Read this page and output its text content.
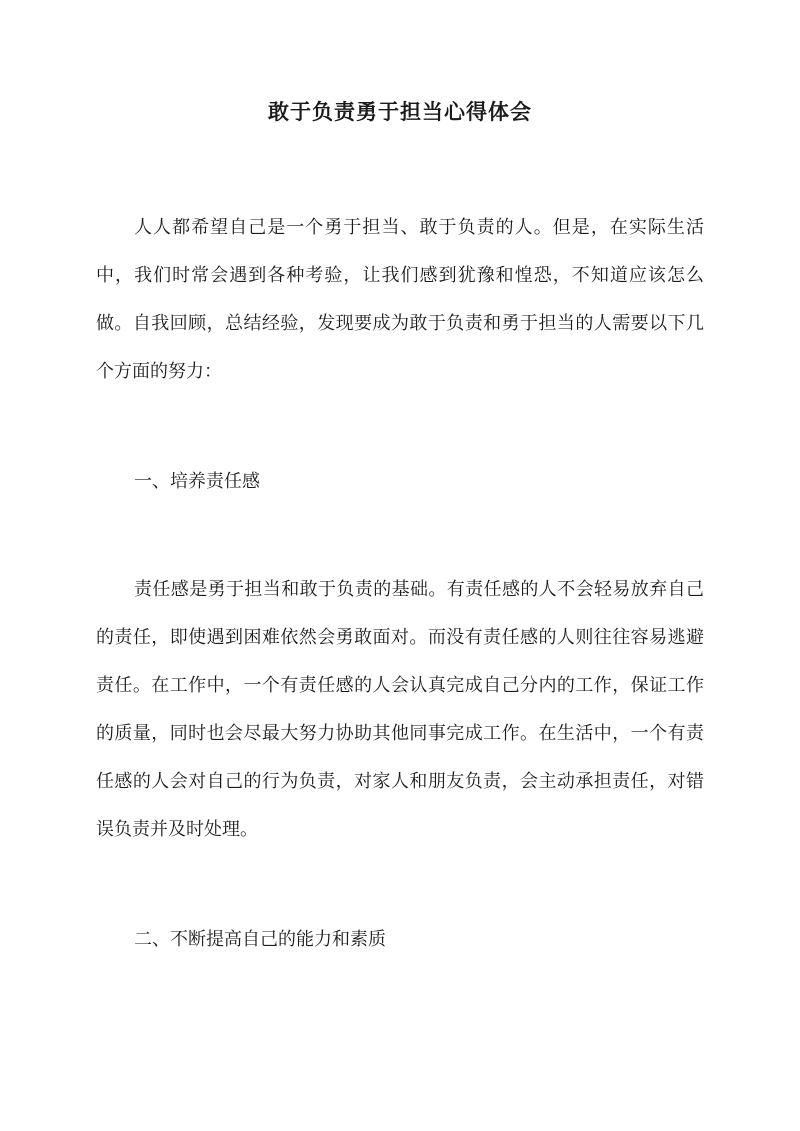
敢于负责勇于担当心得体会

人人都希望自己是一个勇于担当、敢于负责的人。但是，在实际生活中，我们时常会遇到各种考验，让我们感到犹豫和惶恐，不知道应该怎么做。自我回顾，总结经验，发现要成为敢于负责和勇于担当的人需要以下几个方面的努力：

一、培养责任感

责任感是勇于担当和敢于负责的基础。有责任感的人不会轻易放弃自己的责任，即使遇到困难依然会勇敢面对。而没有责任感的人则往往容易逃避责任。在工作中，一个有责任感的人会认真完成自己分内的工作，保证工作的质量，同时也会尽最大努力协助其他同事完成工作。在生活中，一个有责任感的人会对自己的行为负责，对家人和朋友负责，会主动承担责任，对错误负责并及时处理。

二、不断提高自己的能力和素质
